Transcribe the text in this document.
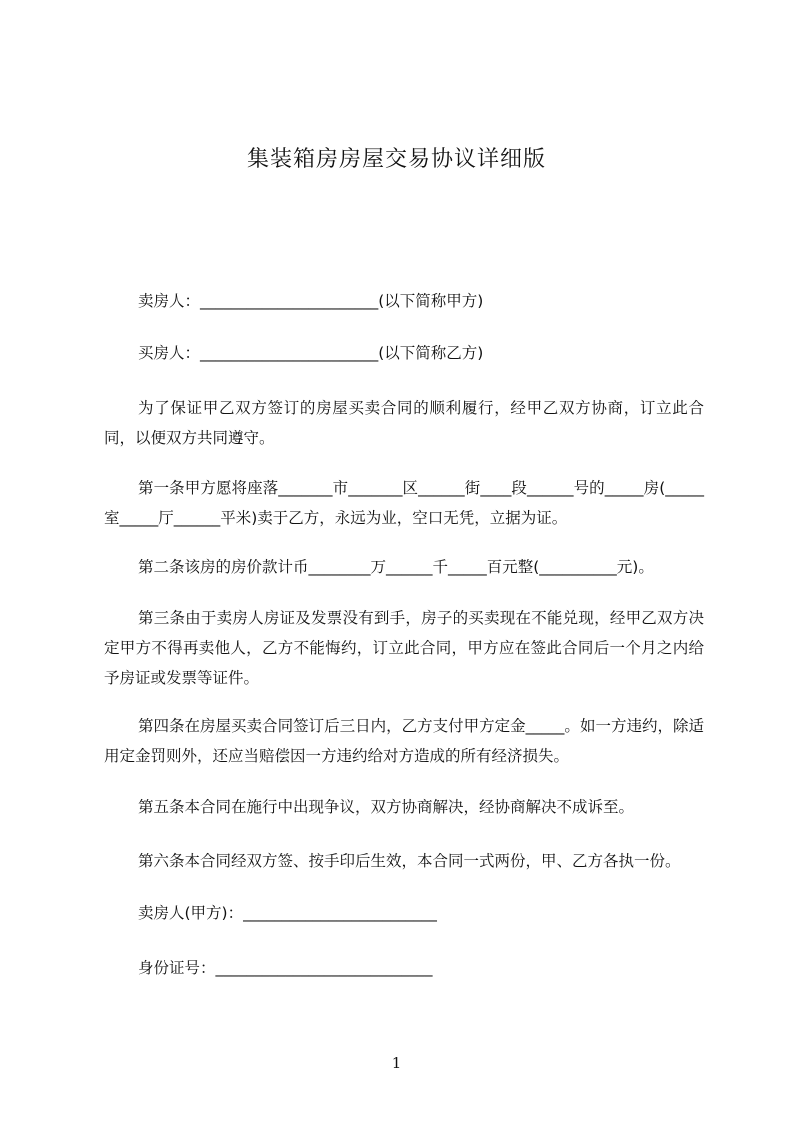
集装箱房房屋交易协议详细版
卖房人：_______________________(以下简称甲方)
买房人：_______________________(以下简称乙方)
为了保证甲乙双方签订的房屋买卖合同的顺利履行，经甲乙双方协商，订立此合同，以便双方共同遵守。
第一条甲方愿将座落_______市_______区______街____段______号的_____房(_____室_____厅______平米)卖于乙方，永远为业，空口无凭，立据为证。
第二条该房的房价款计币________万______千_____百元整(__________元)。
第三条由于卖房人房证及发票没有到手，房子的买卖现在不能兑现，经甲乙双方决定甲方不得再卖他人，乙方不能悔约，订立此合同，甲方应在签此合同后一个月之内给予房证或发票等证件。
第四条在房屋买卖合同签订后三日内，乙方支付甲方定金_____。如一方违约，除适用定金罚则外，还应当赔偿因一方违约给对方造成的所有经济损失。
第五条本合同在施行中出现争议，双方协商解决，经协商解决不成诉至。
第六条本合同经双方签、按手印后生效，本合同一式两份，甲、乙方各执一份。
卖房人(甲方)：_________________________
身份证号：____________________________
1
